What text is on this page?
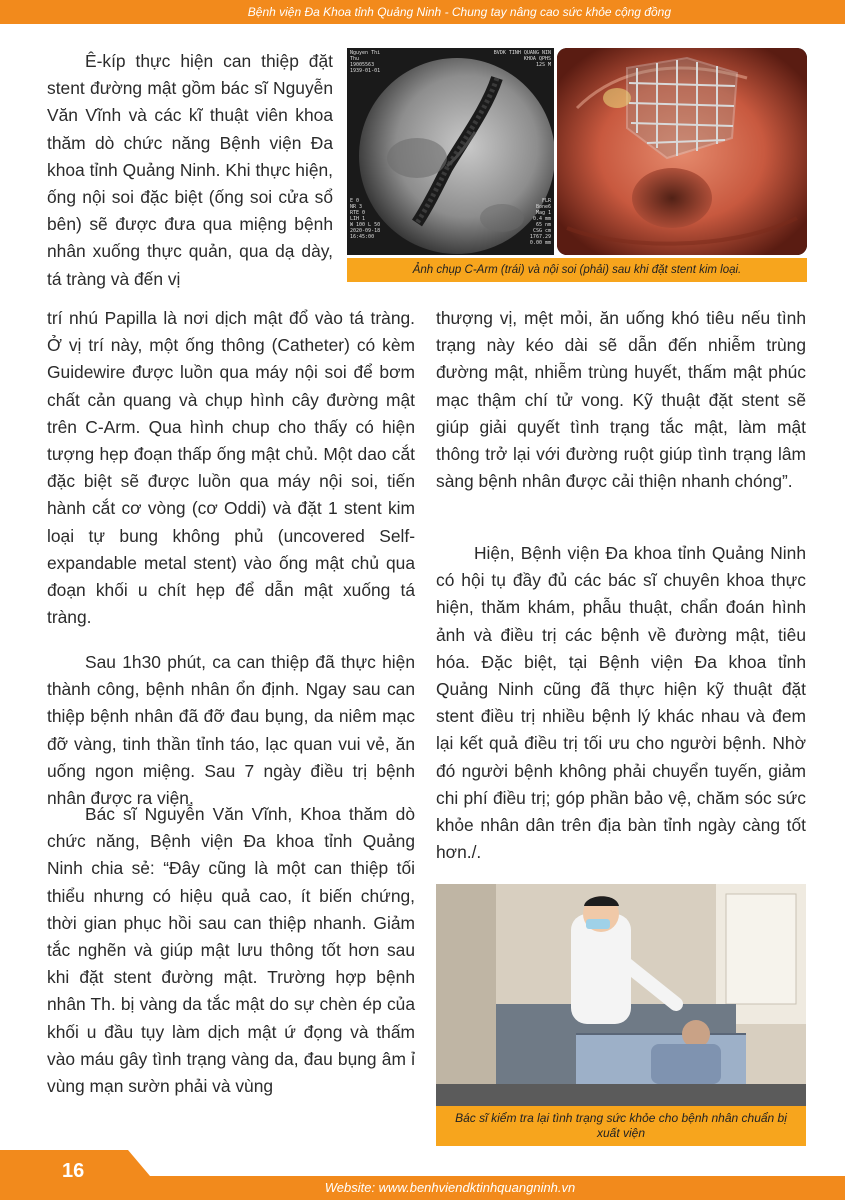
Bệnh viện Đa Khoa tỉnh Quảng Ninh - Chung tay nâng cao sức khỏe cộng đồng

Ê-kíp thực hiện can thiệp đặt stent đường mật gồm bác sĩ Nguyễn Văn Vĩnh và các kĩ thuật viên khoa thăm dò chức năng Bệnh viện Đa khoa tỉnh Quảng Ninh. Khi thực hiện, ống nội soi đặc biệt (ống soi cửa sổ bên) sẽ được đưa qua miệng bệnh nhân xuống thực quản, qua dạ dày, tá tràng và đến vị

trí nhú Papilla là nơi dịch mật đổ vào tá tràng. Ở vị trí này, một ống thông (Catheter) có kèm Guidewire được luồn qua máy nội soi để bơm chất cản quang và chụp hình cây đường mật trên C-Arm. Qua hình chup cho thấy có hiện tượng hẹp đoạn thấp ống mật chủ. Một dao cắt đặc biệt sẽ được luồn qua máy nội soi, tiến hành cắt cơ vòng (cơ Oddi) và đặt 1 stent kim loại tự bung không phủ (uncovered Self-expandable metal stent) vào ống mật chủ qua đoạn khối u chít hẹp để dẫn mật xuống tá tràng.

Sau 1h30 phút, ca can thiệp đã thực hiện thành công, bệnh nhân ổn định. Ngay sau can thiệp bệnh nhân đã đỡ đau bụng, da niêm mạc đỡ vàng, tinh thần tỉnh táo, lạc quan vui vẻ, ăn uống ngon miệng. Sau 7 ngày điều trị bệnh nhân được ra viện.

Bác sĩ Nguyễn Văn Vĩnh, Khoa thăm dò chức năng, Bệnh viện Đa khoa tỉnh Quảng Ninh chia sẻ: “Đây cũng là một can thiệp tối thiểu nhưng có hiệu quả cao, ít biến chứng, thời gian phục hồi sau can thiệp nhanh. Giảm tắc nghẽn và giúp mật lưu thông tốt hơn sau khi đặt stent đường mật. Trường hợp bệnh nhân Th. bị vàng da tắc mật do sự chèn ép của khối u đầu tụy làm dịch mật ứ đọng và thấm vào máu gây tình trạng vàng da, đau bụng âm ỉ vùng mạn sườn phải và vùng

thượng vị, mệt mỏi, ăn uống khó tiêu nếu tình trạng này kéo dài sẽ dẫn đến nhiễm trùng đường mật, nhiễm trùng huyết, thấm mật phúc mạc thậm chí tử vong. Kỹ thuật đặt stent sẽ giúp giải quyết tình trạng tắc mật, làm mật thông trở lại với đường ruột giúp tình trạng lâm sàng bệnh nhân được cải thiện nhanh chóng”.

Hiện, Bệnh viện Đa khoa tỉnh Quảng Ninh có hội tụ đầy đủ các bác sĩ chuyên khoa thực hiện, thăm khám, phẫu thuật, chẩn đoán hình ảnh và điều trị các bệnh về đường mật, tiêu hóa. Đặc biệt, tại Bệnh viện Đa khoa tỉnh Quảng Ninh cũng đã thực hiện kỹ thuật đặt stent điều trị nhiều bệnh lý khác nhau và đem lại kết quả điều trị tối ưu cho người bệnh. Nhờ đó người bệnh không phải chuyển tuyến, giảm chi phí điều trị; góp phần bảo vệ, chăm sóc sức khỏe nhân dân trên địa bàn tỉnh ngày càng tốt hơn./.

Nguyen Thi
Thu
19005563
1939-01-01
BVDK TINH QUANG NIN
KHOA QPHS
12S M
E 0
NR 3
RTE 0
LIH 1
W 100 L 50
2020-09-18
16:45:00
FLR
Bone6
Mag 1
0.4 mm
65 nm
CSG cm
1767.29
0.00 mm
Ảnh chụp C-Arm (trái) và nội soi (phải) sau khi đặt stent kim loại.
Bác sĩ kiểm tra lại tình trạng sức khỏe cho bệnh nhân chuẩn bị xuất viện
16
Website: www.benhviendktinhquangninh.vn
